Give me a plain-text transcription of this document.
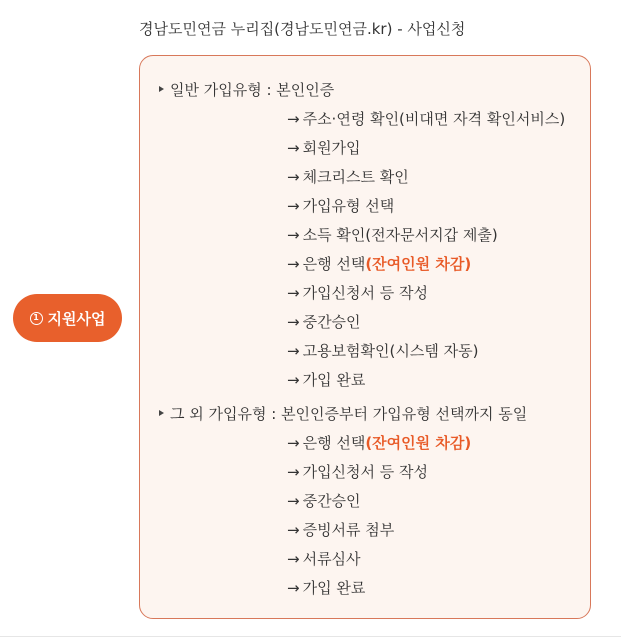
경남도민연금 누리집(경남도민연금.kr) - 사업신청
1 지원사업
일반 가입유형 : 본인인증
→ 주소·연령 확인(비대면 자격 확인서비스)
→ 회원가입
→ 체크리스트 확인
→ 가입유형 선택
→ 소득 확인(전자문서지갑 제출)
→ 은행 선택(잔여인원 차감)
→ 가입신청서 등 작성
→ 중간승인
→ 고용보험확인(시스템 자동)
→ 가입 완료
그 외 가입유형 : 본인인증부터 가입유형 선택까지 동일
→ 은행 선택(잔여인원 차감)
→ 가입신청서 등 작성
→ 중간승인
→ 증빙서류 첨부
→ 서류심사
→ 가입 완료
